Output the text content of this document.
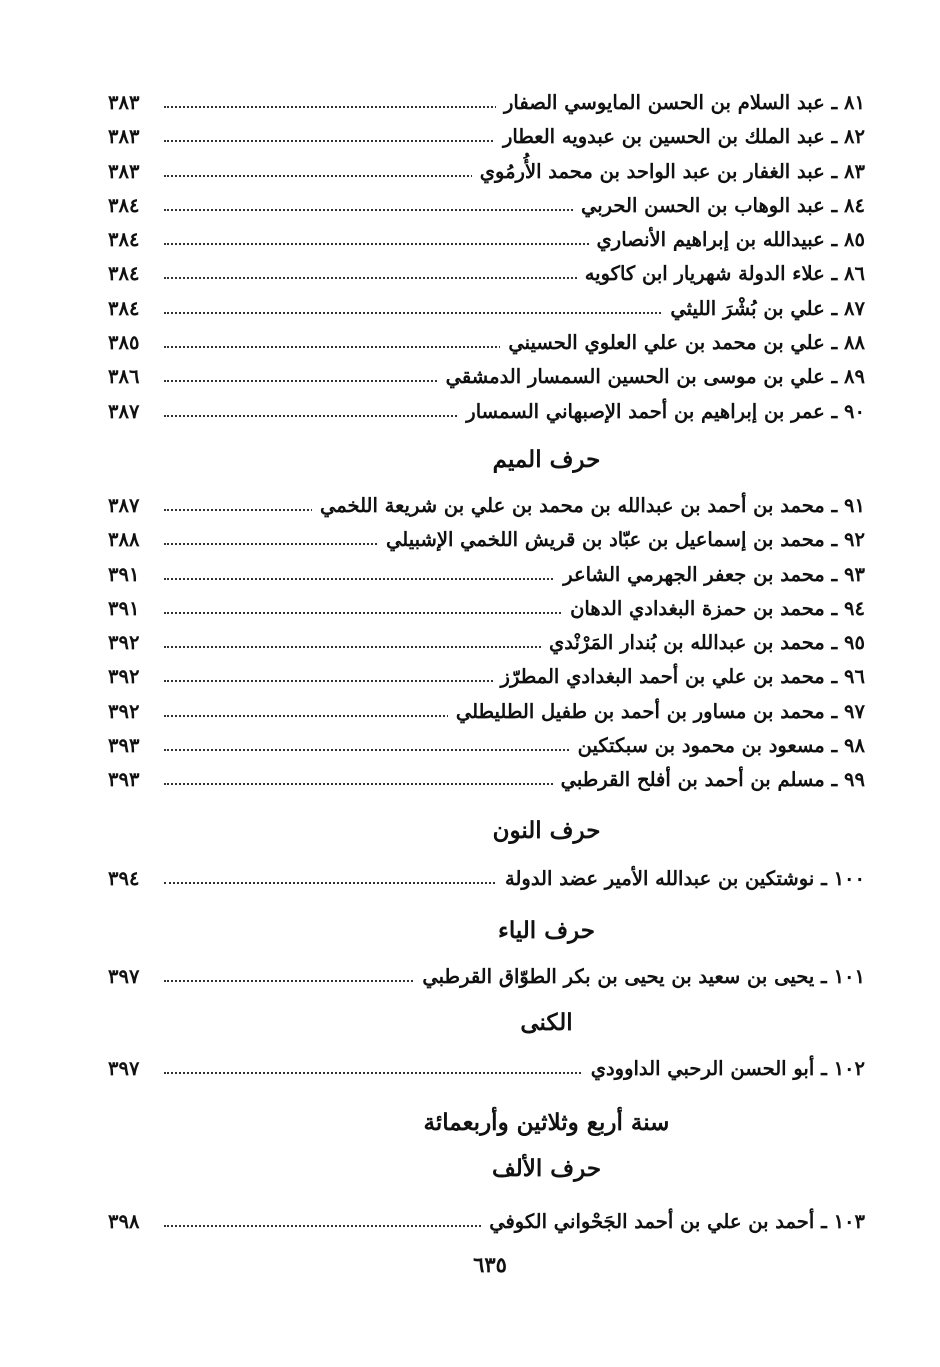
٨١ ـ عبد السلام بن الحسن المايوسي الصفار
٣٨٣
٨٢ ـ عبد الملك بن الحسين بن عبدويه العطار
٣٨٣
٨٣ ـ عبد الغفار بن عبد الواحد بن محمد الأُرمُوي
٣٨٣
٨٤ ـ عبد الوهاب بن الحسن الحربي
٣٨٤
٨٥ ـ عبيدالله بن إبراهيم الأنصاري
٣٨٤
٨٦ ـ علاء الدولة شهريار ابن كاكويه
٣٨٤
٨٧ ـ علي بن بُشْرَ الليثي
٣٨٤
٨٨ ـ علي بن محمد بن علي العلوي الحسيني
٣٨٥
٨٩ ـ علي بن موسى بن الحسين السمسار الدمشقي
٣٨٦
٩٠ ـ عمر بن إبراهيم بن أحمد الإصبهاني السمسار
٣٨٧
حرف الميم
٩١ ـ محمد بن أحمد بن عبدالله بن محمد بن علي بن شريعة اللخمي
٣٨٧
٩٢ ـ محمد بن إسماعيل بن عبّاد بن قريش اللخمي الإشبيلي
٣٨٨
٩٣ ـ محمد بن جعفر الجهرمي الشاعر
٣٩١
٩٤ ـ محمد بن حمزة البغدادي الدهان
٣٩١
٩٥ ـ محمد بن عبدالله بن بُندار المَرْنْدي
٣٩٢
٩٦ ـ محمد بن علي بن أحمد البغدادي المطرّز
٣٩٢
٩٧ ـ محمد بن مساور بن أحمد بن طفيل الطليطلي
٣٩٢
٩٨ ـ مسعود بن محمود بن سبكتكين
٣٩٣
٩٩ ـ مسلم بن أحمد بن أفلح القرطبي
٣٩٣
حرف النون
١٠٠ ـ نوشتكين بن عبدالله الأمير عضد الدولة
٣٩٤
حرف الياء
١٠١ ـ يحيى بن سعيد بن يحيى بن بكر الطوّاق القرطبي
٣٩٧
الكنى
١٠٢ ـ أبو الحسن الرحبي الداوودي
٣٩٧
سنة أربع وثلاثين وأربعمائة
حرف الألف
١٠٣ ـ أحمد بن علي بن أحمد الجَحْواني الكوفي
٣٩٨
٦٣٥
